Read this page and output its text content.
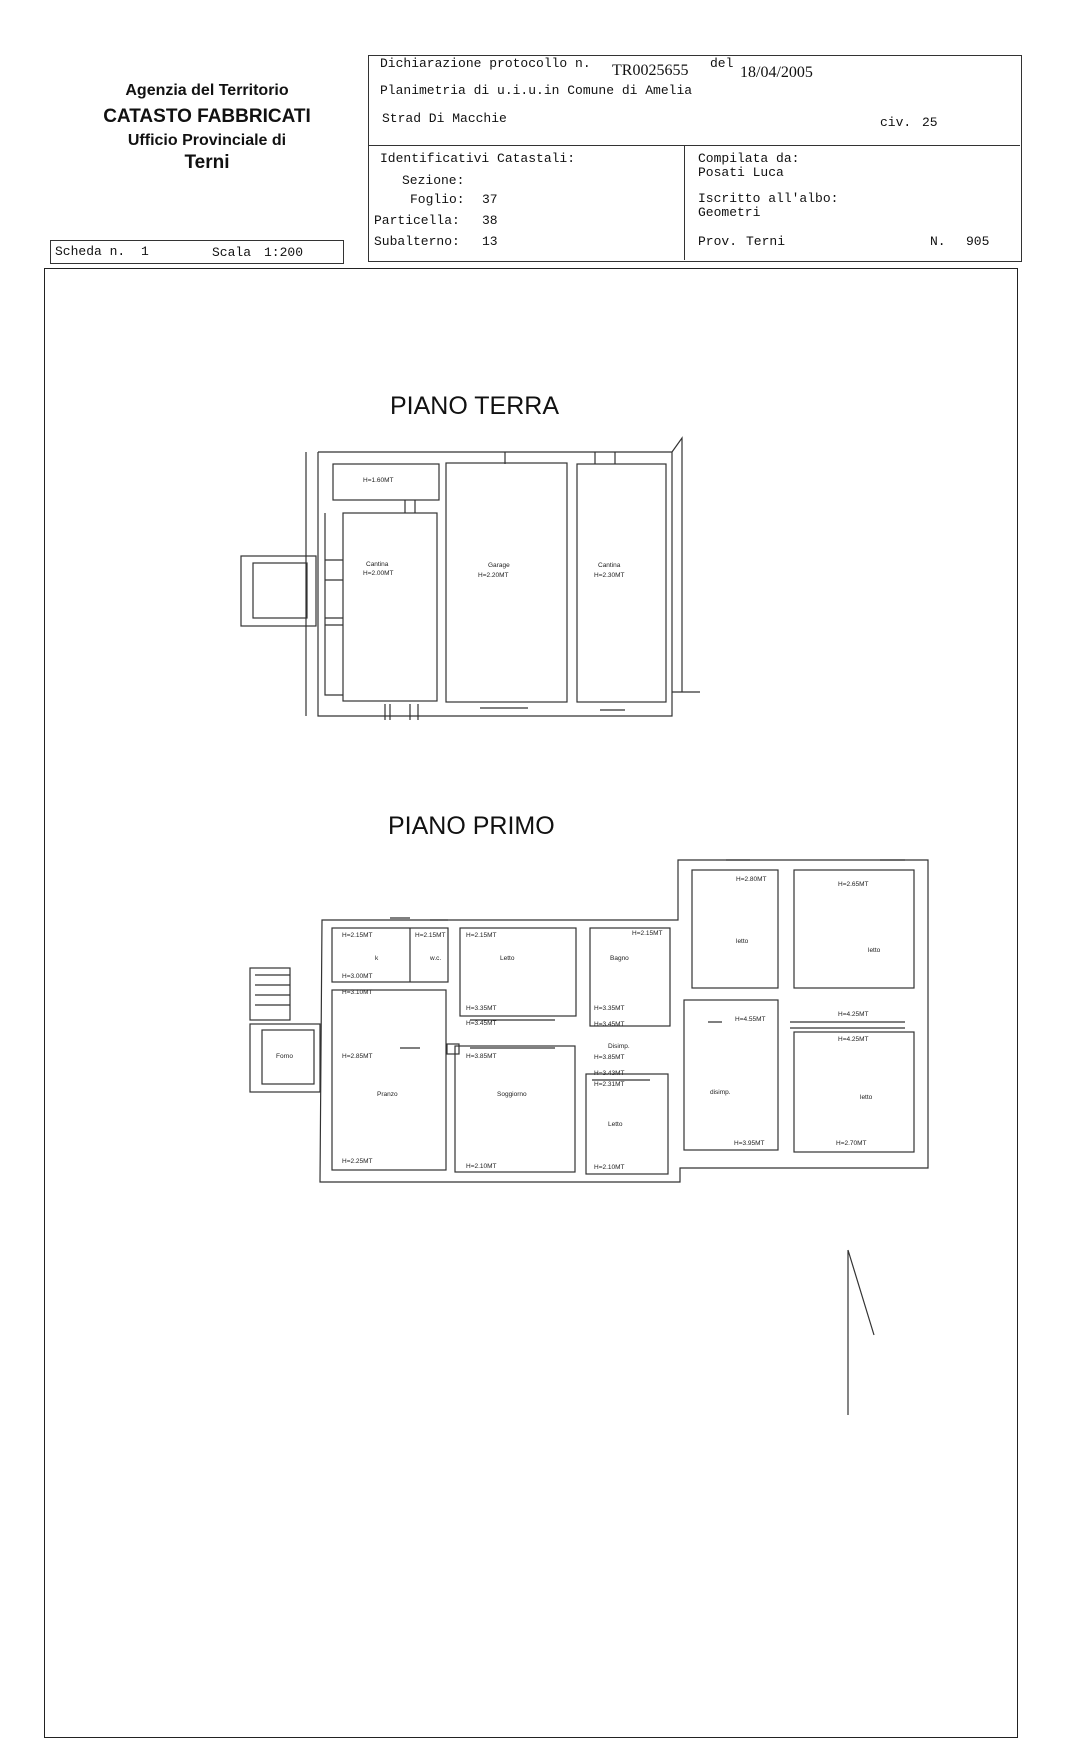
Agenzia del Territorio
CATASTO FABBRICATI
Ufficio Provinciale di
Terni
Dichiarazione protocollo n. TR0025655 del
18/04/2005
Planimetria di u.i.u.in Comune di Amelia
Strad Di Macchie	civ. 25
Identificativi Catastali:
Sezione:
Foglio: 37
Particella: 38
Subalterno: 13
Compilata da:
Posati Luca
Iscritto all'albo:
Geometri
Prov. Terni	N. 905
Scheda n. 1	Scala 1:200
PIANO TERRA
PIANO PRIMO
H=1.60MT
Cantina
H=2.00MT
Garage
H=2.20MT
Cantina
H=2.30MT
H=2.15MT	H=2.15MT	H=2.15MT	H=2.15MT
k	w.c.	Letto	Bagno
H=3.00MT
H=3.10MT
H=3.35MT
H=3.45MT
H=3.35MT
H=3.45MT
Forno	H=2.85MT	H=3.85MT
Disimp.
H=3.85MT
H=3.43MT
H=2.31MT
Pranzo	Soggiorno
Letto
H=2.25MT
H=2.10MT	H=2.10MT
H=2.80MT
H=2.65MT
letto
letto
H=4.55MT
H=4.25MT
H=4.25MT
disimp.
letto
H=3.95MT	H=2.70MT
